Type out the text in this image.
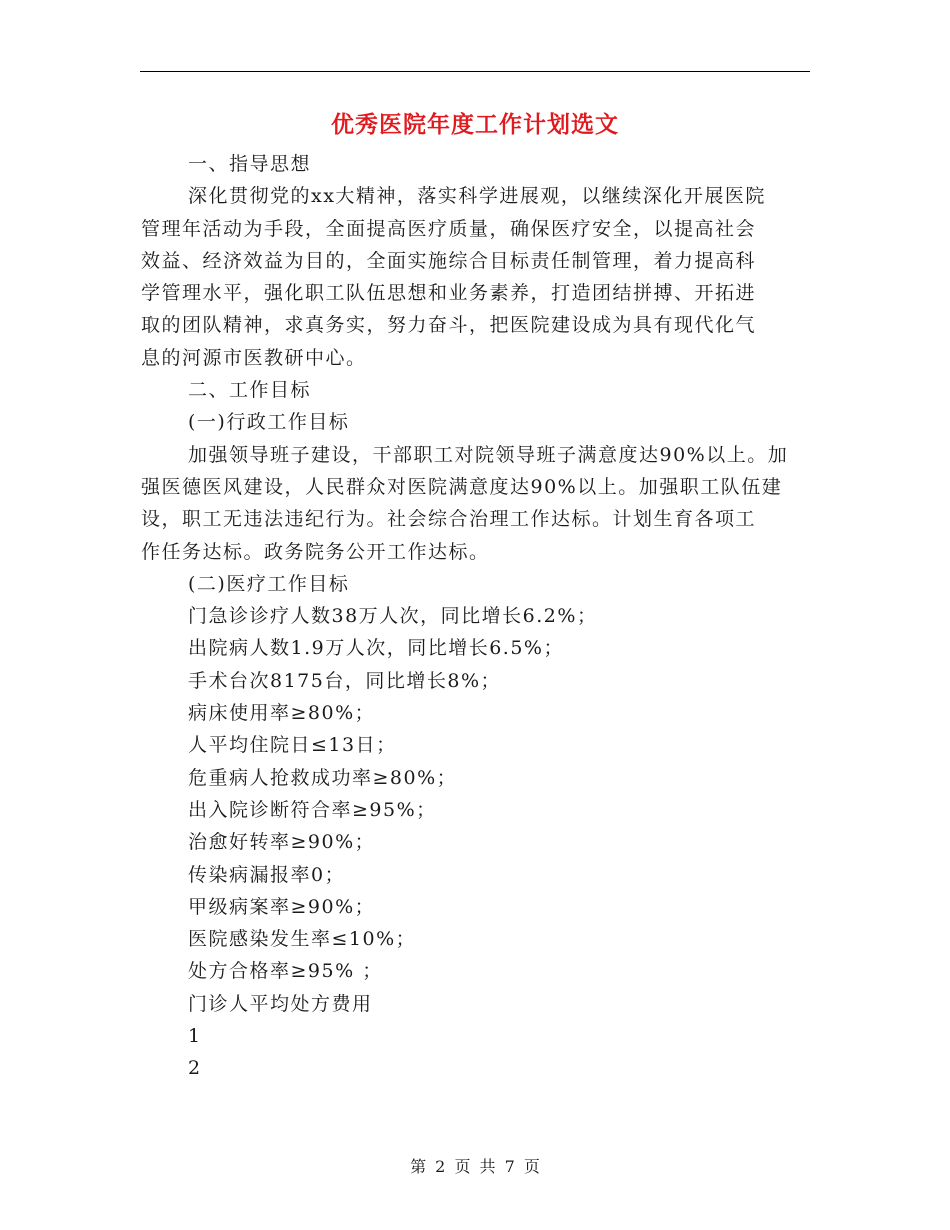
优秀医院年度工作计划选文
一、指导思想
深化贯彻党的xx大精神，落实科学进展观，以继续深化开展医院
管理年活动为手段，全面提高医疗质量，确保医疗安全，以提高社会
效益、经济效益为目的，全面实施综合目标责任制管理，着力提高科
学管理水平，强化职工队伍思想和业务素养，打造团结拼搏、开拓进
取的团队精神，求真务实，努力奋斗，把医院建设成为具有现代化气
息的河源市医教研中心。
二、工作目标
(一)行政工作目标
加强领导班子建设，干部职工对院领导班子满意度达90%以上。加
强医德医风建设，人民群众对医院满意度达90%以上。加强职工队伍建
设，职工无违法违纪行为。社会综合治理工作达标。计划生育各项工
作任务达标。政务院务公开工作达标。
(二)医疗工作目标
门急诊诊疗人数38万人次，同比增长6.2%；
出院病人数1.9万人次，同比增长6.5%；
手术台次8175台，同比增长8%；
病床使用率≥80%；
人平均住院日≤13日；
危重病人抢救成功率≥80%；
出入院诊断符合率≥95%；
治愈好转率≥90%；
传染病漏报率0；
甲级病案率≥90%；
医院感染发生率≤10%；
处方合格率≥95% ；
门诊人平均处方费用
1
2
第 2 页 共 7 页
